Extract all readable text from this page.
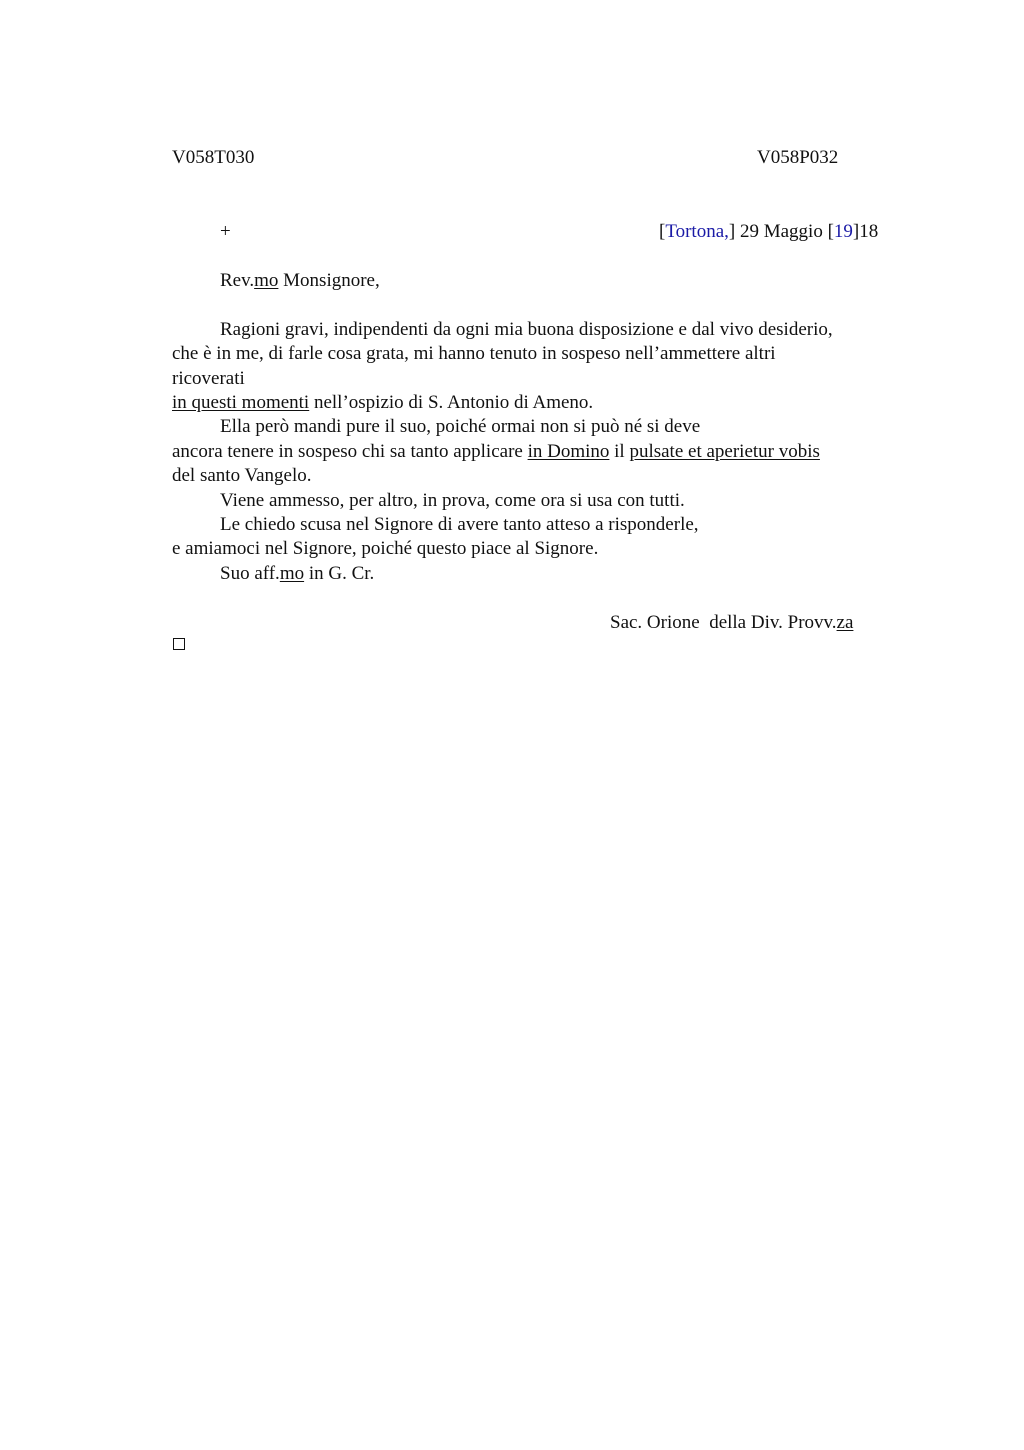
V058T030	V058P032
+	[Tortona,] 29 Maggio [19]18
Rev.mo Monsignore,
Ragioni gravi, indipendenti da ogni mia buona disposizione e dal vivo desiderio,
che è in me, di farle cosa grata, mi hanno tenuto in sospeso nell’ammettere altri
ricoverati
in questi momenti nell’ospizio di S. Antonio di Ameno.
Ella però mandi pure il suo, poiché ormai non si può né si deve
ancora tenere in sospeso chi sa tanto applicare in Domino il pulsate et aperietur vobis
del santo Vangelo.
Viene ammesso, per altro, in prova, come ora si usa con tutti.
Le chiedo scusa nel Signore di avere tanto atteso a risponderle,
e amiamoci nel Signore, poiché questo piace al Signore.
Suo aff.mo in G. Cr.
Sac. Orione  della Div. Provv.za
